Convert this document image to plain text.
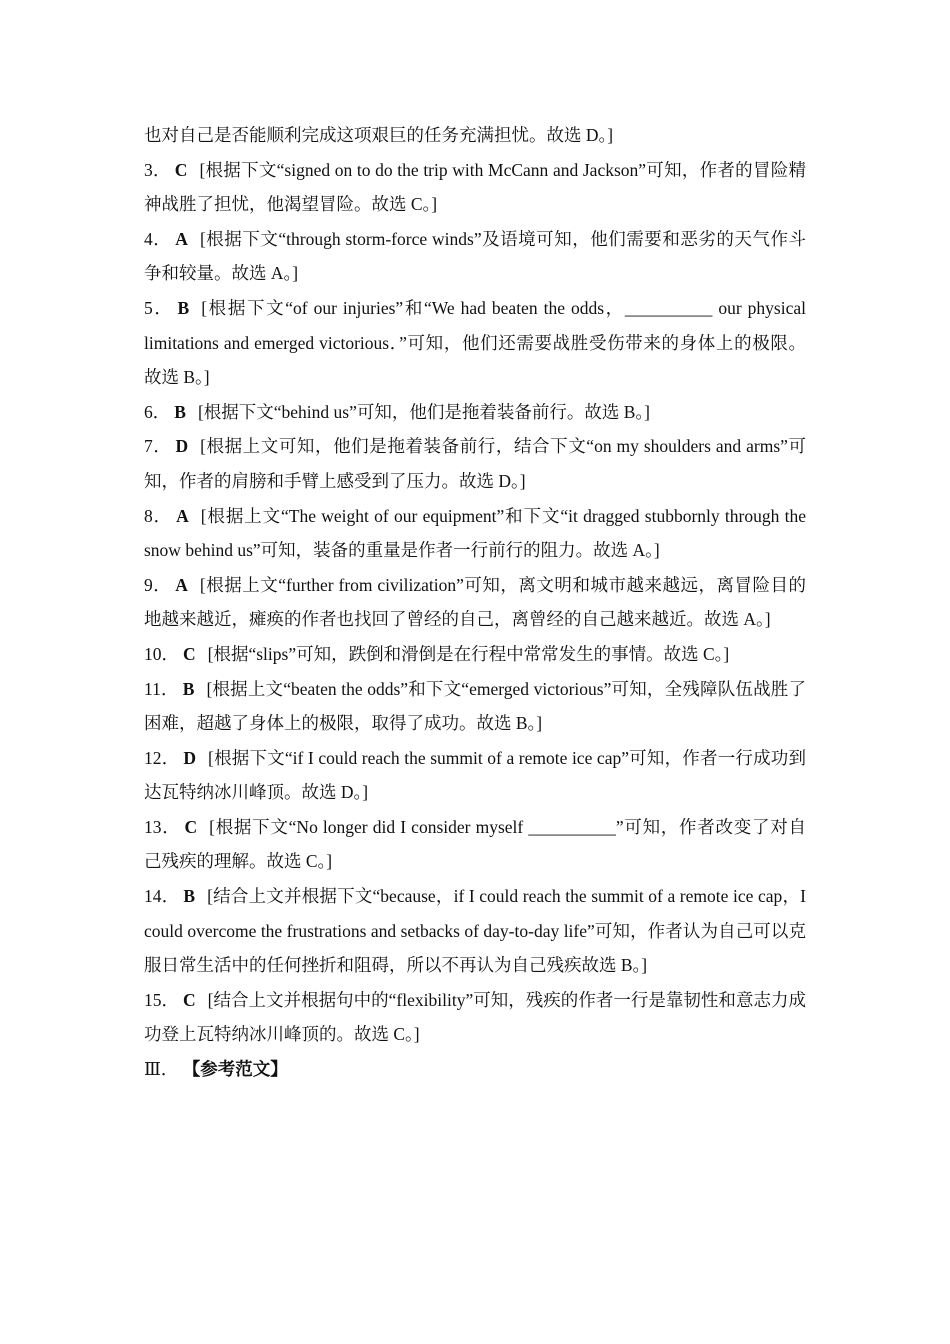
也对自己是否能顺利完成这项艰巨的任务充满担忧。故选 D。]

3． C [根据下文“signed on to do the trip with McCann and Jackson”可知，作者的冒险精神战胜了担忧，他渴望冒险。故选 C。]

4． A [根据下文“through storm-force winds”及语境可知，他们需要和恶劣的天气作斗争和较量。故选 A。]

5． B [根据下文“of our injuries”和“We had beaten the odds，__________ our physical limitations and emerged victorious．”可知，他们还需要战胜受伤带来的身体上的极限。故选 B。]

6． B [根据下文“behind us”可知，他们是拖着装备前行。故选 B。]

7． D [根据上文可知，他们是拖着装备前行，结合下文“on my shoulders and arms”可知，作者的肩膀和手臂上感受到了压力。故选 D。]

8． A [根据上文“The weight of our equipment”和下文“it dragged stubbornly through the snow behind us”可知，装备的重量是作者一行前行的阻力。故选 A。]

9． A [根据上文“further from civilization”可知，离文明和城市越来越远，离冒险目的地越来越近，瘫痪的作者也找回了曾经的自己，离曾经的自己越来越近。故选 A。]

10． C [根据“slips”可知，跌倒和滑倒是在行程中常常发生的事情。故选 C。]

11． B [根据上文“beaten the odds”和下文“emerged victorious”可知，全残障队伍战胜了困难，超越了身体上的极限，取得了成功。故选 B。]

12． D [根据下文“if I could reach the summit of a remote ice cap”可知，作者一行成功到达瓦特纳冰川峰顶。故选 D。]

13． C [根据下文“No longer did I consider myself __________”可知，作者改变了对自己残疾的理解。故选 C。]

14． B [结合上文并根据下文“because，if I could reach the summit of a remote ice cap，I could overcome the frustrations and setbacks of day-to-day life”可知，作者认为自己可以克服日常生活中的任何挫折和阻碍，所以不再认为自己残疾故选 B。]

15． C [结合上文并根据句中的“flexibility”可知，残疾的作者一行是靠韧性和意志力成功登上瓦特纳冰川峰顶的。故选 C。]

Ⅲ． 【参考范文】
